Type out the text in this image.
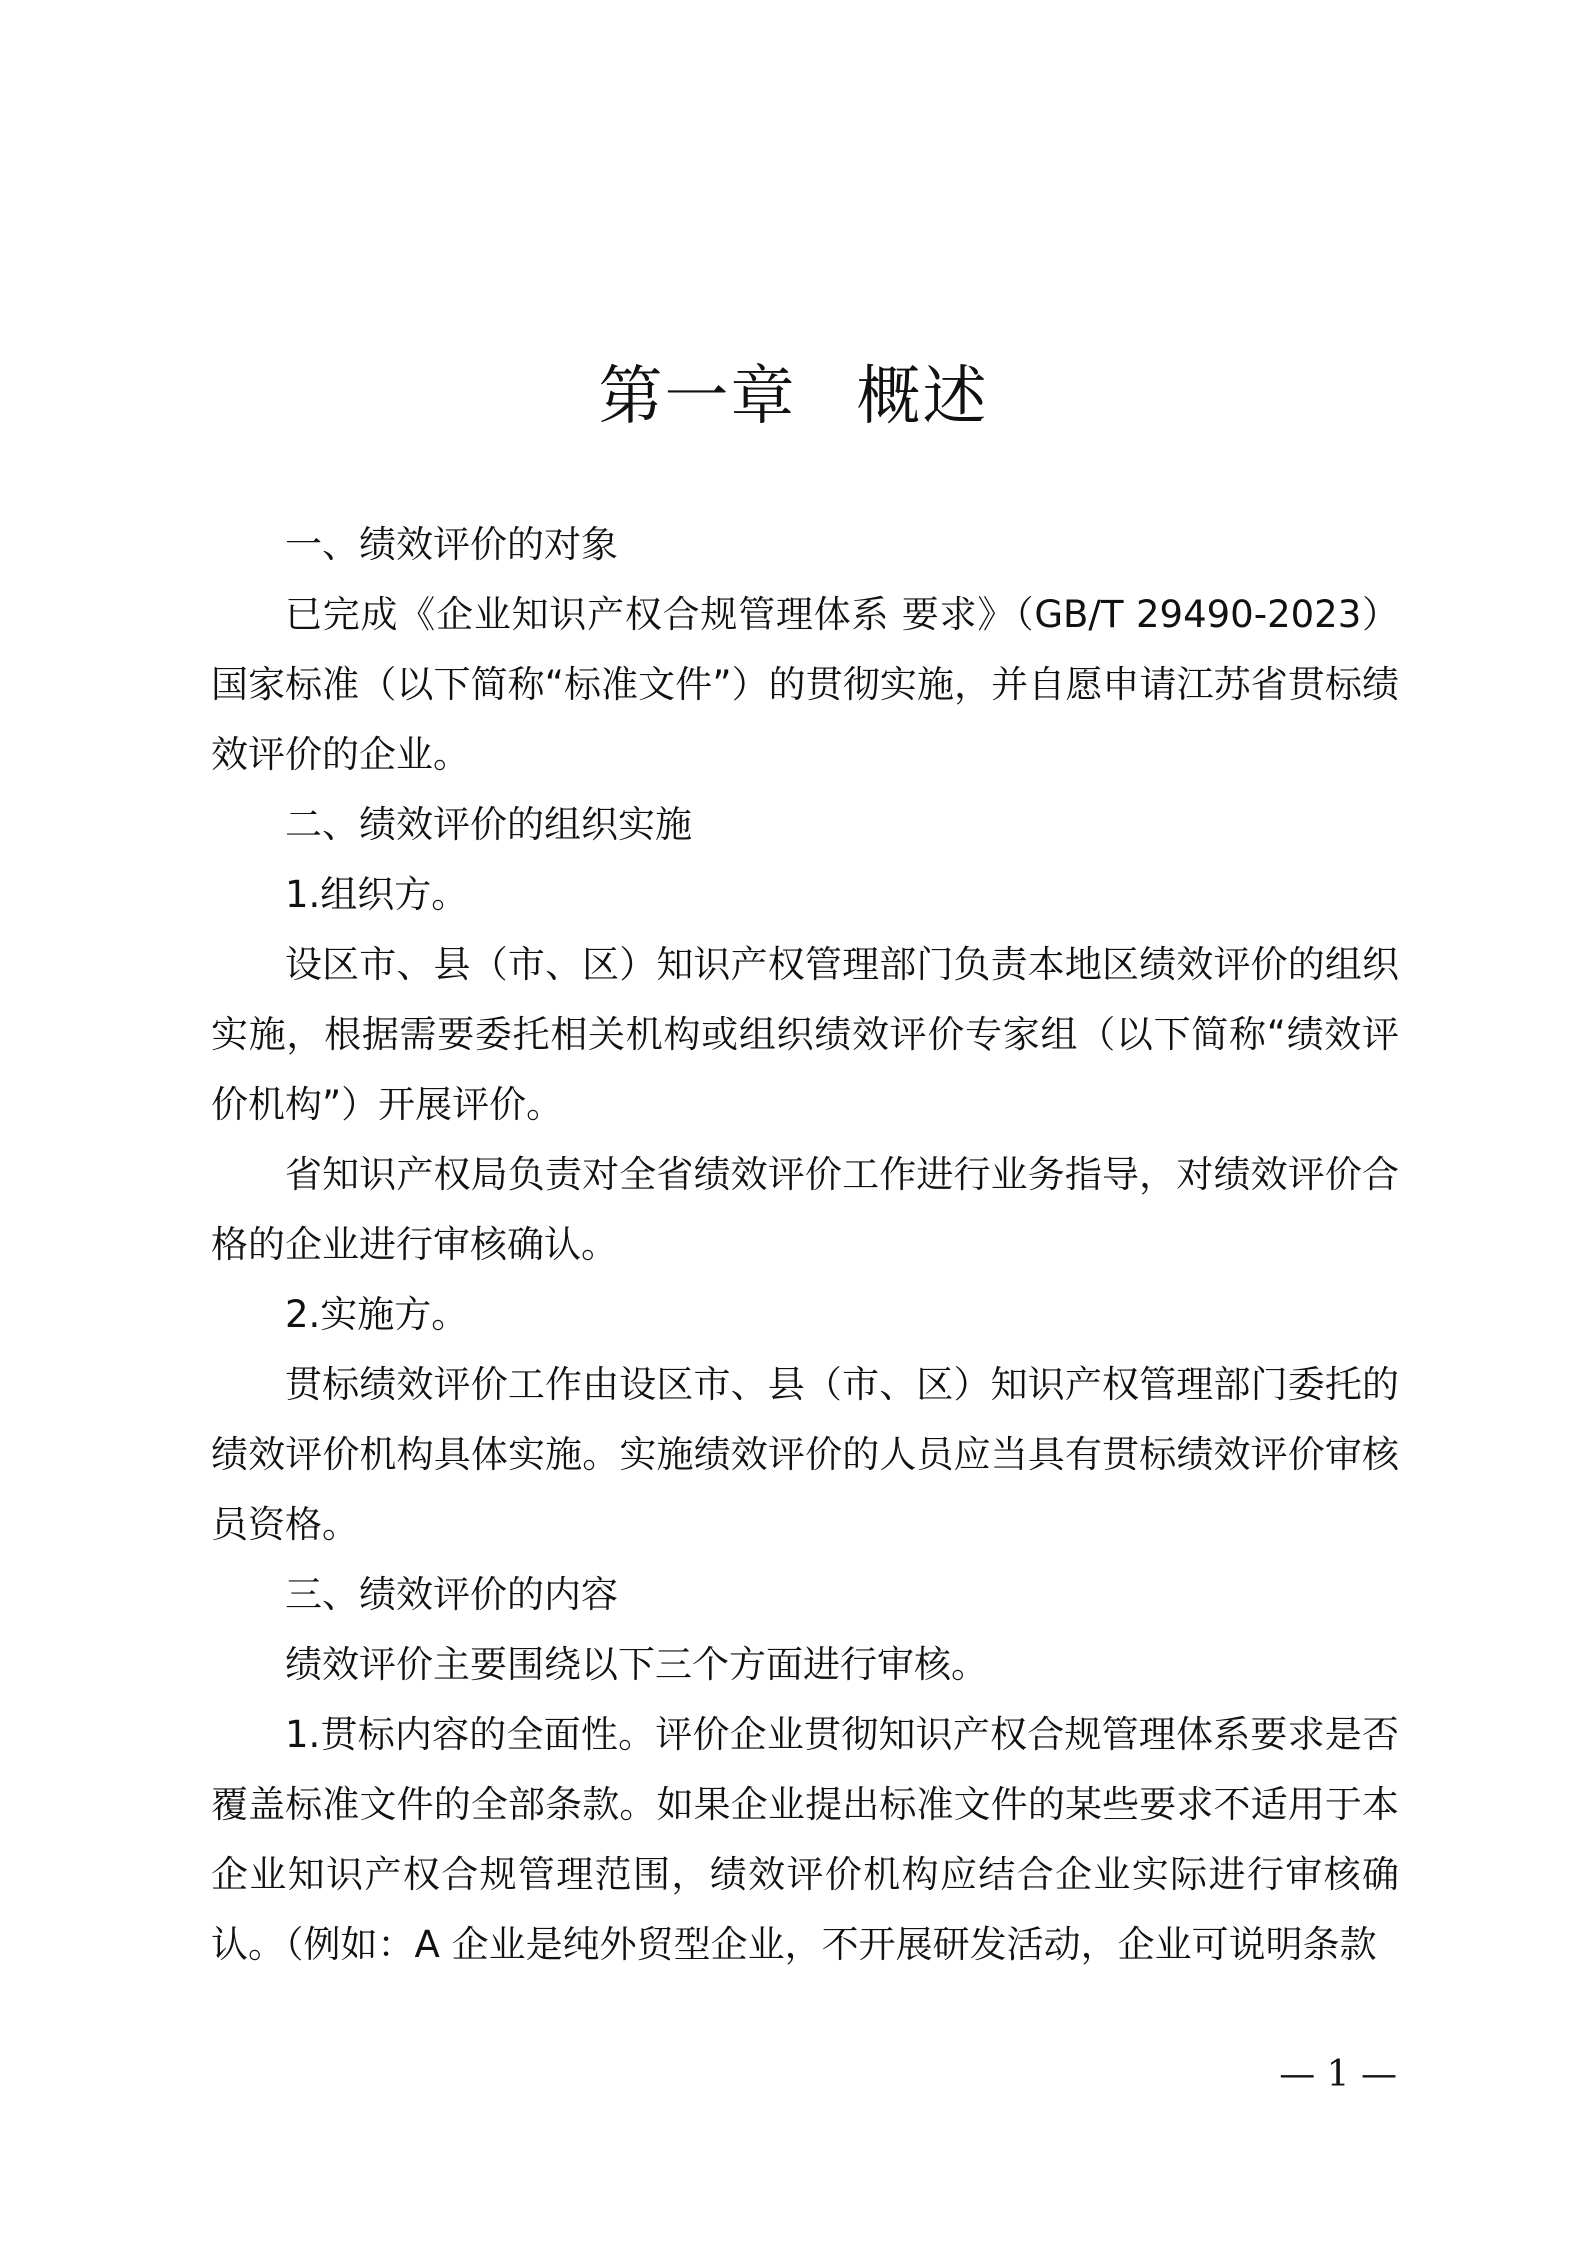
第一章 概述

一、绩效评价的对象

已完成《企业知识产权合规管理体系 要求》（GB/T 29490-2023）国家标准（以下简称“标准文件”）的贯彻实施，并自愿申请江苏省贯标绩效评价的企业。

二、绩效评价的组织实施

1.组织方。

设区市、县（市、区）知识产权管理部门负责本地区绩效评价的组织实施，根据需要委托相关机构或组织绩效评价专家组（以下简称“绩效评价机构”）开展评价。

省知识产权局负责对全省绩效评价工作进行业务指导，对绩效评价合格的企业进行审核确认。

2.实施方。

贯标绩效评价工作由设区市、县（市、区）知识产权管理部门委托的绩效评价机构具体实施。实施绩效评价的人员应当具有贯标绩效评价审核员资格。

三、绩效评价的内容

绩效评价主要围绕以下三个方面进行审核。

1.贯标内容的全面性。评价企业贯彻知识产权合规管理体系要求是否覆盖标准文件的全部条款。如果企业提出标准文件的某些要求不适用于本企业知识产权合规管理范围，绩效评价机构应结合企业实际进行审核确认。（例如：A 企业是纯外贸型企业，不开展研发活动，企业可说明条款

— 1 —
